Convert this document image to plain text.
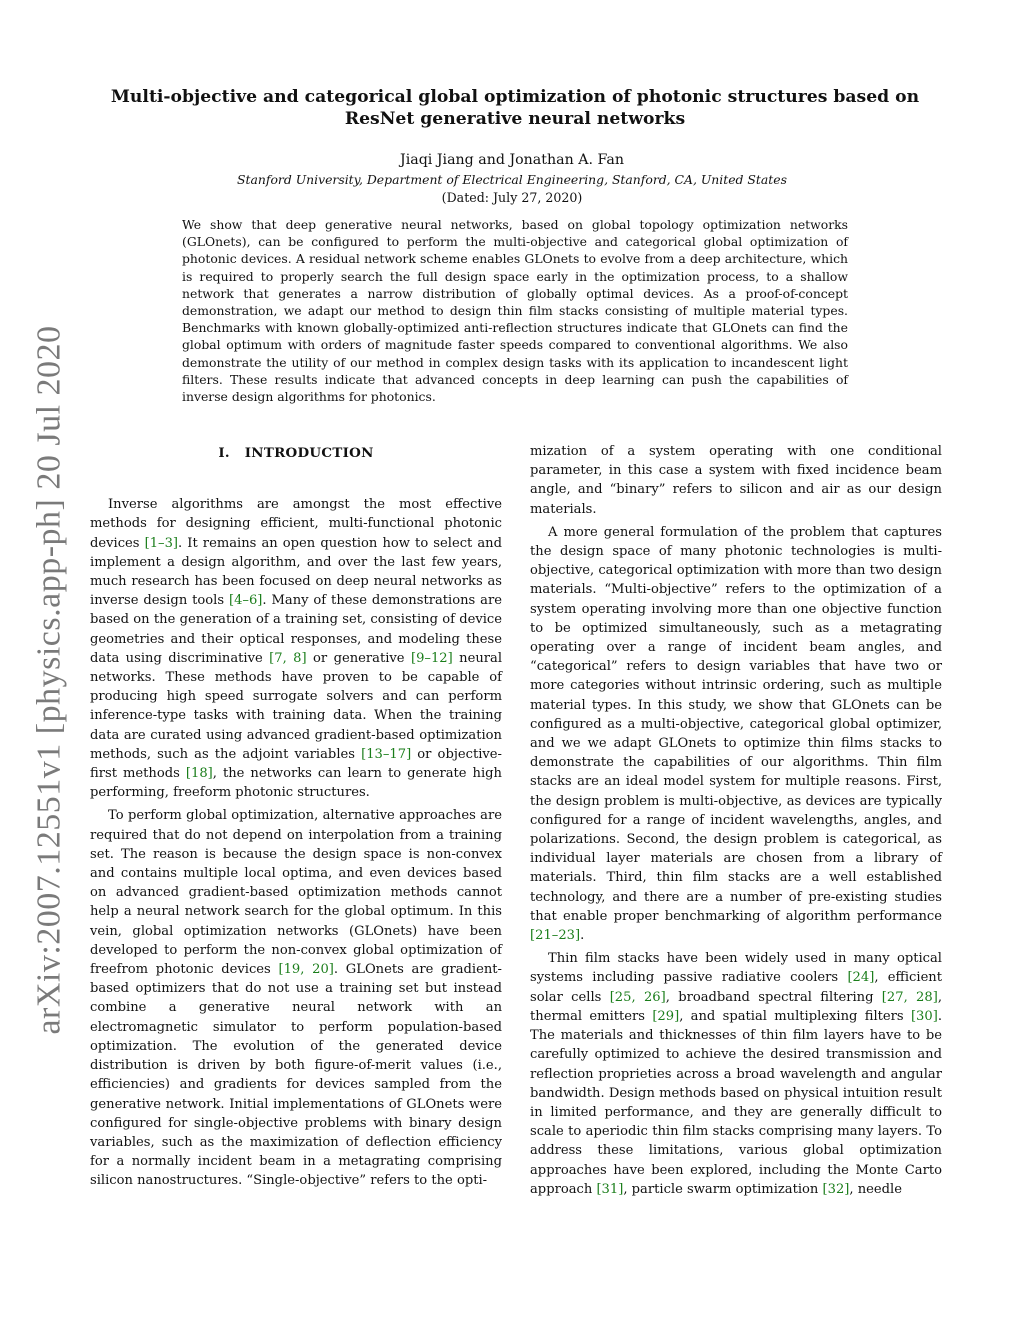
arXiv:2007.12551v1 [physics.app-ph] 20 Jul 2020
Multi-objective and categorical global optimization of photonic structures based on ResNet generative neural networks
Jiaqi Jiang and Jonathan A. Fan
Stanford University, Department of Electrical Engineering, Stanford, CA, United States
(Dated: July 27, 2020)

We show that deep generative neural networks, based on global topology optimization networks (GLOnets), can be configured to perform the multi-objective and categorical global optimization of photonic devices. A residual network scheme enables GLOnets to evolve from a deep architecture, which is required to properly search the full design space early in the optimization process, to a shallow network that generates a narrow distribution of globally optimal devices. As a proof-of-concept demonstration, we adapt our method to design thin film stacks consisting of multiple material types. Benchmarks with known globally-optimized anti-reflection structures indicate that GLOnets can find the global optimum with orders of magnitude faster speeds compared to conventional algorithms. We also demonstrate the utility of our method in complex design tasks with its application to incandescent light filters. These results indicate that advanced concepts in deep learning can push the capabilities of inverse design algorithms for photonics.

I. INTRODUCTION

Inverse algorithms are amongst the most effective methods for designing efficient, multi-functional photonic devices [1–3]. It remains an open question how to select and implement a design algorithm, and over the last few years, much research has been focused on deep neural networks as inverse design tools [4–6]. Many of these demonstrations are based on the generation of a training set, consisting of device geometries and their optical responses, and modeling these data using discriminative [7, 8] or generative [9–12] neural networks. These methods have proven to be capable of producing high speed surrogate solvers and can perform inference-type tasks with training data. When the training data are curated using advanced gradient-based optimization methods, such as the adjoint variables [13–17] or objective-first methods [18], the networks can learn to generate high performing, freeform photonic structures.

To perform global optimization, alternative approaches are required that do not depend on interpolation from a training set. The reason is because the design space is non-convex and contains multiple local optima, and even devices based on advanced gradient-based optimization methods cannot help a neural network search for the global optimum. In this vein, global optimization networks (GLOnets) have been developed to perform the non-convex global optimization of freefrom photonic devices [19, 20]. GLOnets are gradient-based optimizers that do not use a training set but instead combine a generative neural network with an electromagnetic simulator to perform population-based optimization. The evolution of the generated device distribution is driven by both figure-of-merit values (i.e., efficiencies) and gradients for devices sampled from the generative network. Initial implementations of GLOnets were configured for single-objective problems with binary design variables, such as the maximization of deflection efficiency for a normally incident beam in a metagrating comprising silicon nanostructures. “Single-objective” refers to the opti-

mization of a system operating with one conditional parameter, in this case a system with fixed incidence beam angle, and “binary” refers to silicon and air as our design materials.

A more general formulation of the problem that captures the design space of many photonic technologies is multi-objective, categorical optimization with more than two design materials. “Multi-objective” refers to the optimization of a system operating involving more than one objective function to be optimized simultaneously, such as a metagrating operating over a range of incident beam angles, and “categorical” refers to design variables that have two or more categories without intrinsic ordering, such as multiple material types. In this study, we show that GLOnets can be configured as a multi-objective, categorical global optimizer, and we we adapt GLOnets to optimize thin films stacks to demonstrate the capabilities of our algorithms. Thin film stacks are an ideal model system for multiple reasons. First, the design problem is multi-objective, as devices are typically configured for a range of incident wavelengths, angles, and polarizations. Second, the design problem is categorical, as individual layer materials are chosen from a library of materials. Third, thin film stacks are a well established technology, and there are a number of pre-existing studies that enable proper benchmarking of algorithm performance [21–23].

Thin film stacks have been widely used in many optical systems including passive radiative coolers [24], efficient solar cells [25, 26], broadband spectral filtering [27, 28], thermal emitters [29], and spatial multiplexing filters [30]. The materials and thicknesses of thin film layers have to be carefully optimized to achieve the desired transmission and reflection proprieties across a broad wavelength and angular bandwidth. Design methods based on physical intuition result in limited performance, and they are generally difficult to scale to aperiodic thin film stacks comprising many layers. To address these limitations, various global optimization approaches have been explored, including the Monte Carto approach [31], particle swarm optimization [32], needle
